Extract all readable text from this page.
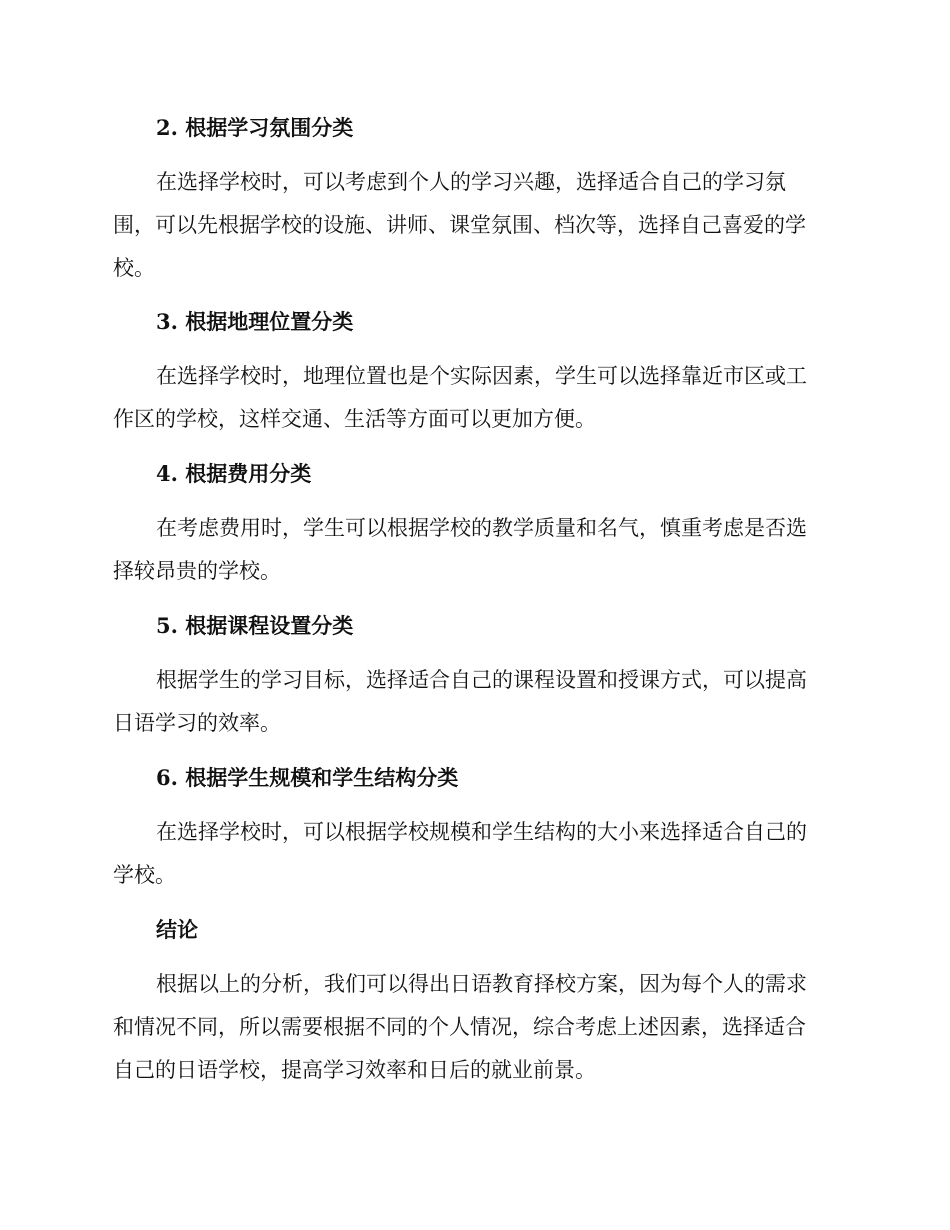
2. 根据学习氛围分类
在选择学校时，可以考虑到个人的学习兴趣，选择适合自己的学习氛
围，可以先根据学校的设施、讲师、课堂氛围、档次等，选择自己喜爱的学
校。
3. 根据地理位置分类
在选择学校时，地理位置也是个实际因素，学生可以选择靠近市区或工
作区的学校，这样交通、生活等方面可以更加方便。
4. 根据费用分类
在考虑费用时，学生可以根据学校的教学质量和名气，慎重考虑是否选
择较昂贵的学校。
5. 根据课程设置分类
根据学生的学习目标，选择适合自己的课程设置和授课方式，可以提高
日语学习的效率。
6. 根据学生规模和学生结构分类
在选择学校时，可以根据学校规模和学生结构的大小来选择适合自己的
学校。
结论
根据以上的分析，我们可以得出日语教育择校方案，因为每个人的需求
和情况不同，所以需要根据不同的个人情况，综合考虑上述因素，选择适合
自己的日语学校，提高学习效率和日后的就业前景。
